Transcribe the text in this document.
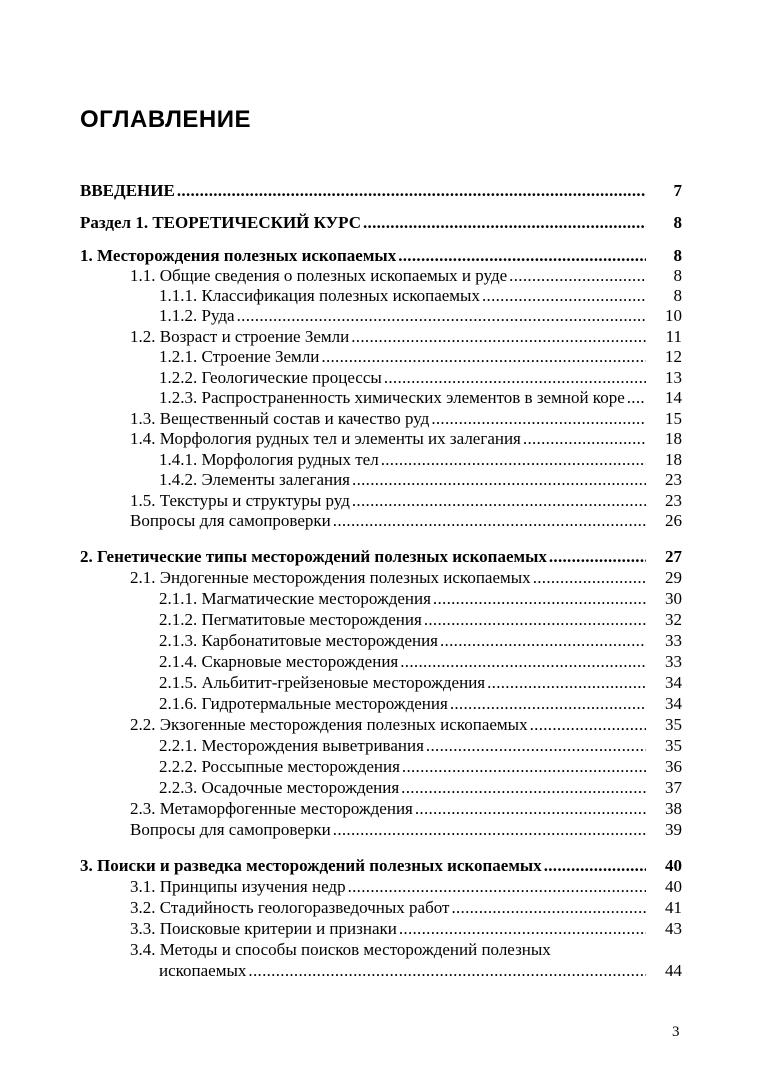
ОГЛАВЛЕНИЕ
ВВЕДЕНИЕ .....	7
Раздел 1. ТЕОРЕТИЧЕСКИЙ КУРС .....	8
1. Месторождения полезных ископаемых .....	8
1.1. Общие сведения о полезных ископаемых и руде .....	8
1.1.1. Классификация полезных ископаемых .....	8
1.1.2. Руда .....	10
1.2. Возраст и строение Земли .....	11
1.2.1. Строение Земли .....	12
1.2.2. Геологические процессы .....	13
1.2.3. Распространенность химических элементов в земной коре .....	14
1.3. Вещественный состав и качество руд .....	15
1.4. Морфология рудных тел и элементы их залегания .....	18
1.4.1. Морфология рудных тел .....	18
1.4.2. Элементы залегания .....	23
1.5. Текстуры и структуры руд .....	23
Вопросы для самопроверки .....	26
2. Генетические типы месторождений полезных ископаемых .....	27
2.1. Эндогенные месторождения полезных ископаемых .....	29
2.1.1. Магматические месторождения .....	30
2.1.2. Пегматитовые месторождения .....	32
2.1.3. Карбонатитовые месторождения .....	33
2.1.4. Скарновые месторождения .....	33
2.1.5. Альбитит-грейзеновые месторождения .....	34
2.1.6. Гидротермальные месторождения .....	34
2.2. Экзогенные месторождения полезных ископаемых .....	35
2.2.1. Месторождения выветривания .....	35
2.2.2. Россыпные месторождения .....	36
2.2.3. Осадочные месторождения .....	37
2.3. Метаморфогенные месторождения .....	38
Вопросы для самопроверки .....	39
3. Поиски и разведка месторождений полезных ископаемых .....	40
3.1. Принципы изучения недр .....	40
3.2. Стадийность геологоразведочных работ .....	41
3.3. Поисковые критерии и признаки .....	43
3.4. Методы и способы поисков месторождений полезных
ископаемых .....	44
3
